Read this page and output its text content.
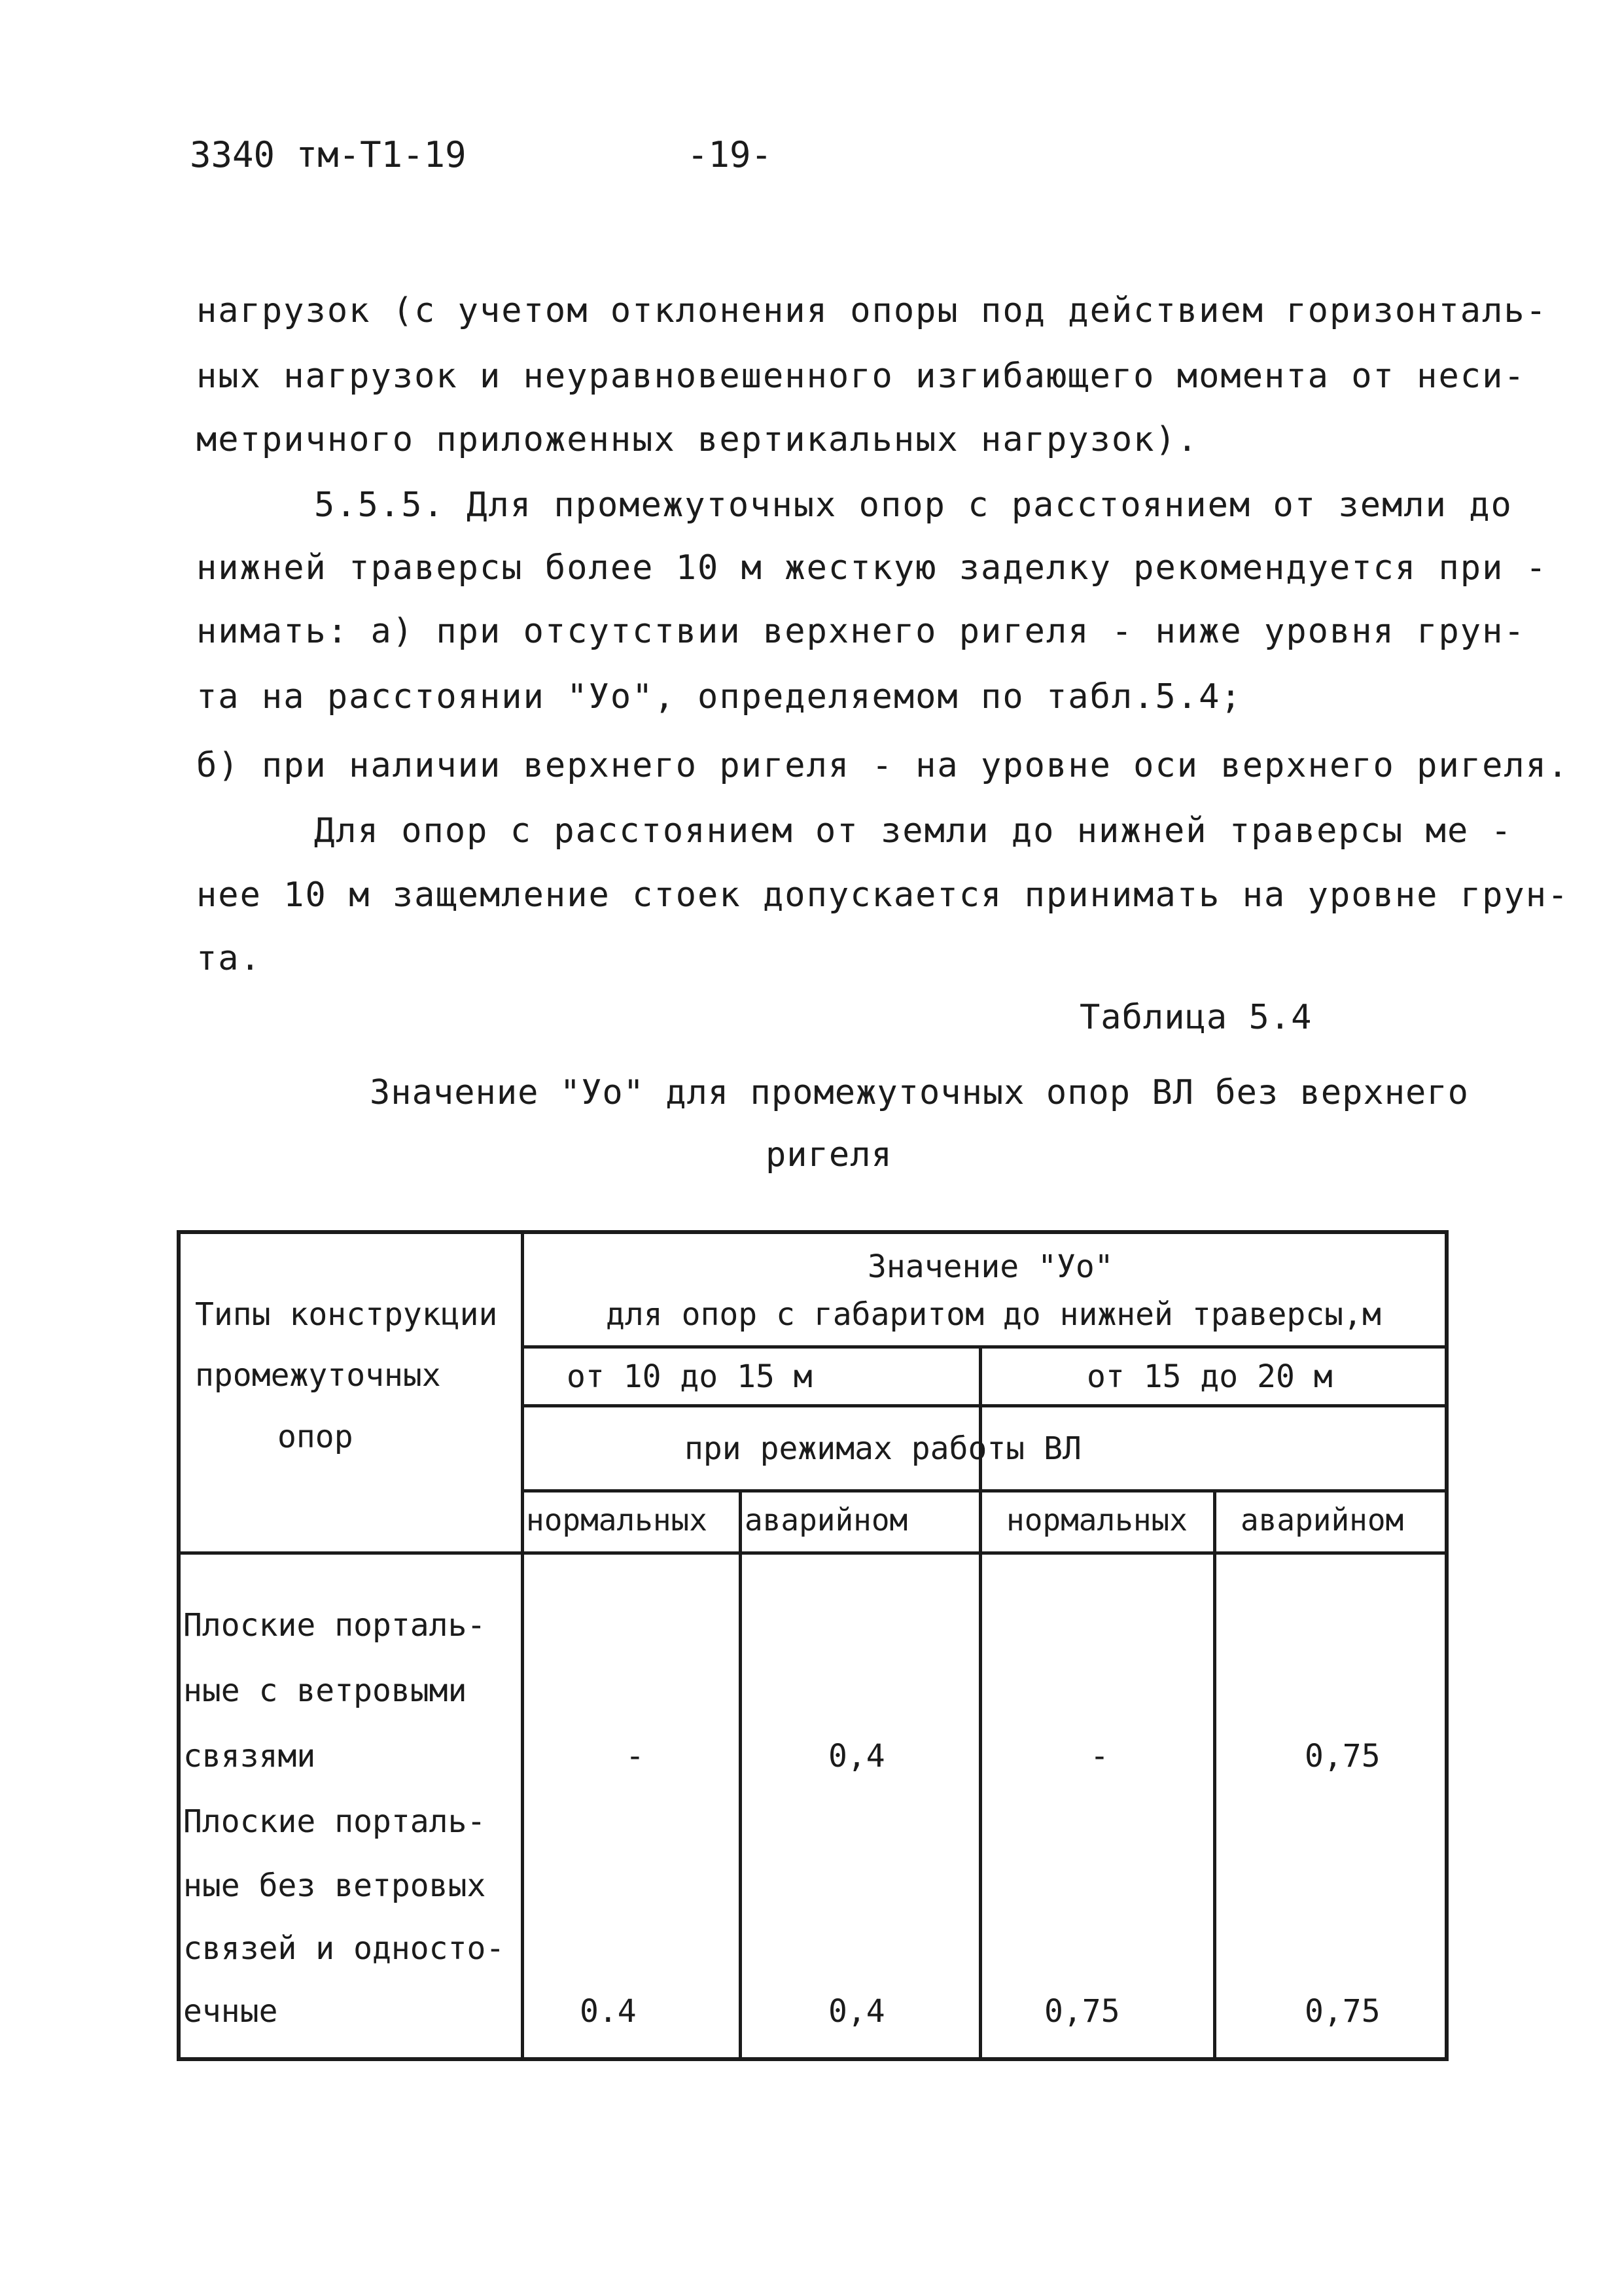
3340 тм-Т1-19	-19-
нагрузок (с учетом отклонения опоры под действием горизонталь-
ных нагрузок и неуравновешенного изгибающего момента от неси-
метричного приложенных вертикальных нагрузок).
5.5.5. Для промежуточных опор с расстоянием от земли до
нижней траверсы более 10 м жесткую заделку рекомендуется при -
нимать: а) при отсутствии верхнего ригеля - ниже уровня грун-
та на расстоянии "Уо", определяемом по табл.5.4;
б) при наличии верхнего ригеля - на уровне оси верхнего ригеля.
Для опор с расстоянием от земли до нижней траверсы ме -
нее 10 м защемление стоек допускается принимать на уровне грун-
та.
Таблица 5.4
Значение "Уо" для промежуточных опор ВЛ без верхнего
ригеля
Типы конструкции
промежуточных
опор
Значение "Уо"
для опор с габаритом до нижней траверсы,м
от 10 до 15 м	от 15 до 20 м
при режимах работы ВЛ
нормальных аварийном	нормальных аварийном
Плоские порталь-
ные с ветровыми
связями	-	0,4	-	0,75
Плоские порталь-
ные без ветровых
связей и односто-
ечные	0.4	0,4	0,75	0,75
